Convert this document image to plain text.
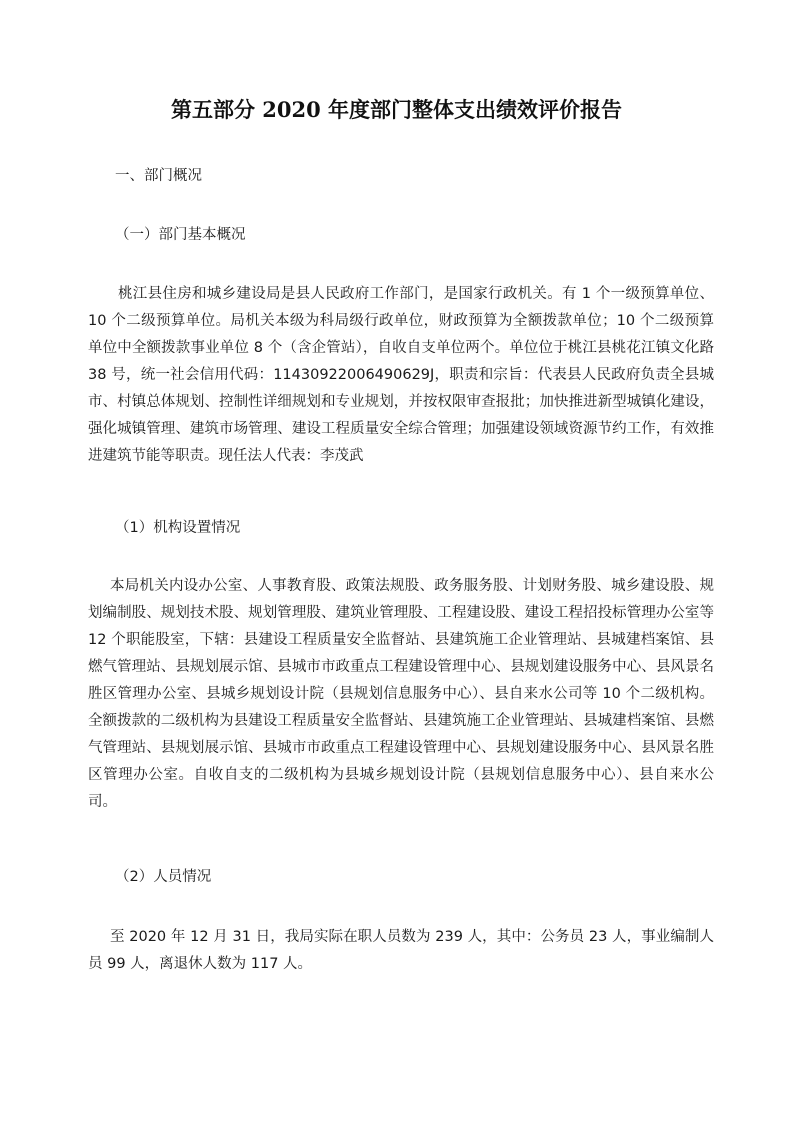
第五部分 2020 年度部门整体支出绩效评价报告

一、部门概况

（一）部门基本概况

桃江县住房和城乡建设局是县人民政府工作部门，是国家行政机关。有 1 个一级预算单位、10 个二级预算单位。局机关本级为科局级行政单位，财政预算为全额拨款单位；10 个二级预算单位中全额拨款事业单位 8 个（含企管站），自收自支单位两个。单位位于桃江县桃花江镇文化路 38 号，统一社会信用代码：11430922006490629J，职责和宗旨：代表县人民政府负责全县城市、村镇总体规划、控制性详细规划和专业规划，并按权限审查报批；加快推进新型城镇化建设，强化城镇管理、建筑市场管理、建设工程质量安全综合管理；加强建设领域资源节约工作，有效推进建筑节能等职责。现任法人代表：李茂武

（1）机构设置情况

本局机关内设办公室、人事教育股、政策法规股、政务服务股、计划财务股、城乡建设股、规划编制股、规划技术股、规划管理股、建筑业管理股、工程建设股、建设工程招投标管理办公室等 12 个职能股室，下辖：县建设工程质量安全监督站、县建筑施工企业管理站、县城建档案馆、县燃气管理站、县规划展示馆、县城市市政重点工程建设管理中心、县规划建设服务中心、县风景名胜区管理办公室、县城乡规划设计院（县规划信息服务中心）、县自来水公司等 10 个二级机构。全额拨款的二级机构为县建设工程质量安全监督站、县建筑施工企业管理站、县城建档案馆、县燃气管理站、县规划展示馆、县城市市政重点工程建设管理中心、县规划建设服务中心、县风景名胜区管理办公室。自收自支的二级机构为县城乡规划设计院（县规划信息服务中心）、县自来水公司。

（2）人员情况

至 2020 年 12 月 31 日，我局实际在职人员数为 239 人，其中：公务员 23 人，事业编制人员 99 人，离退休人数为 117 人。
